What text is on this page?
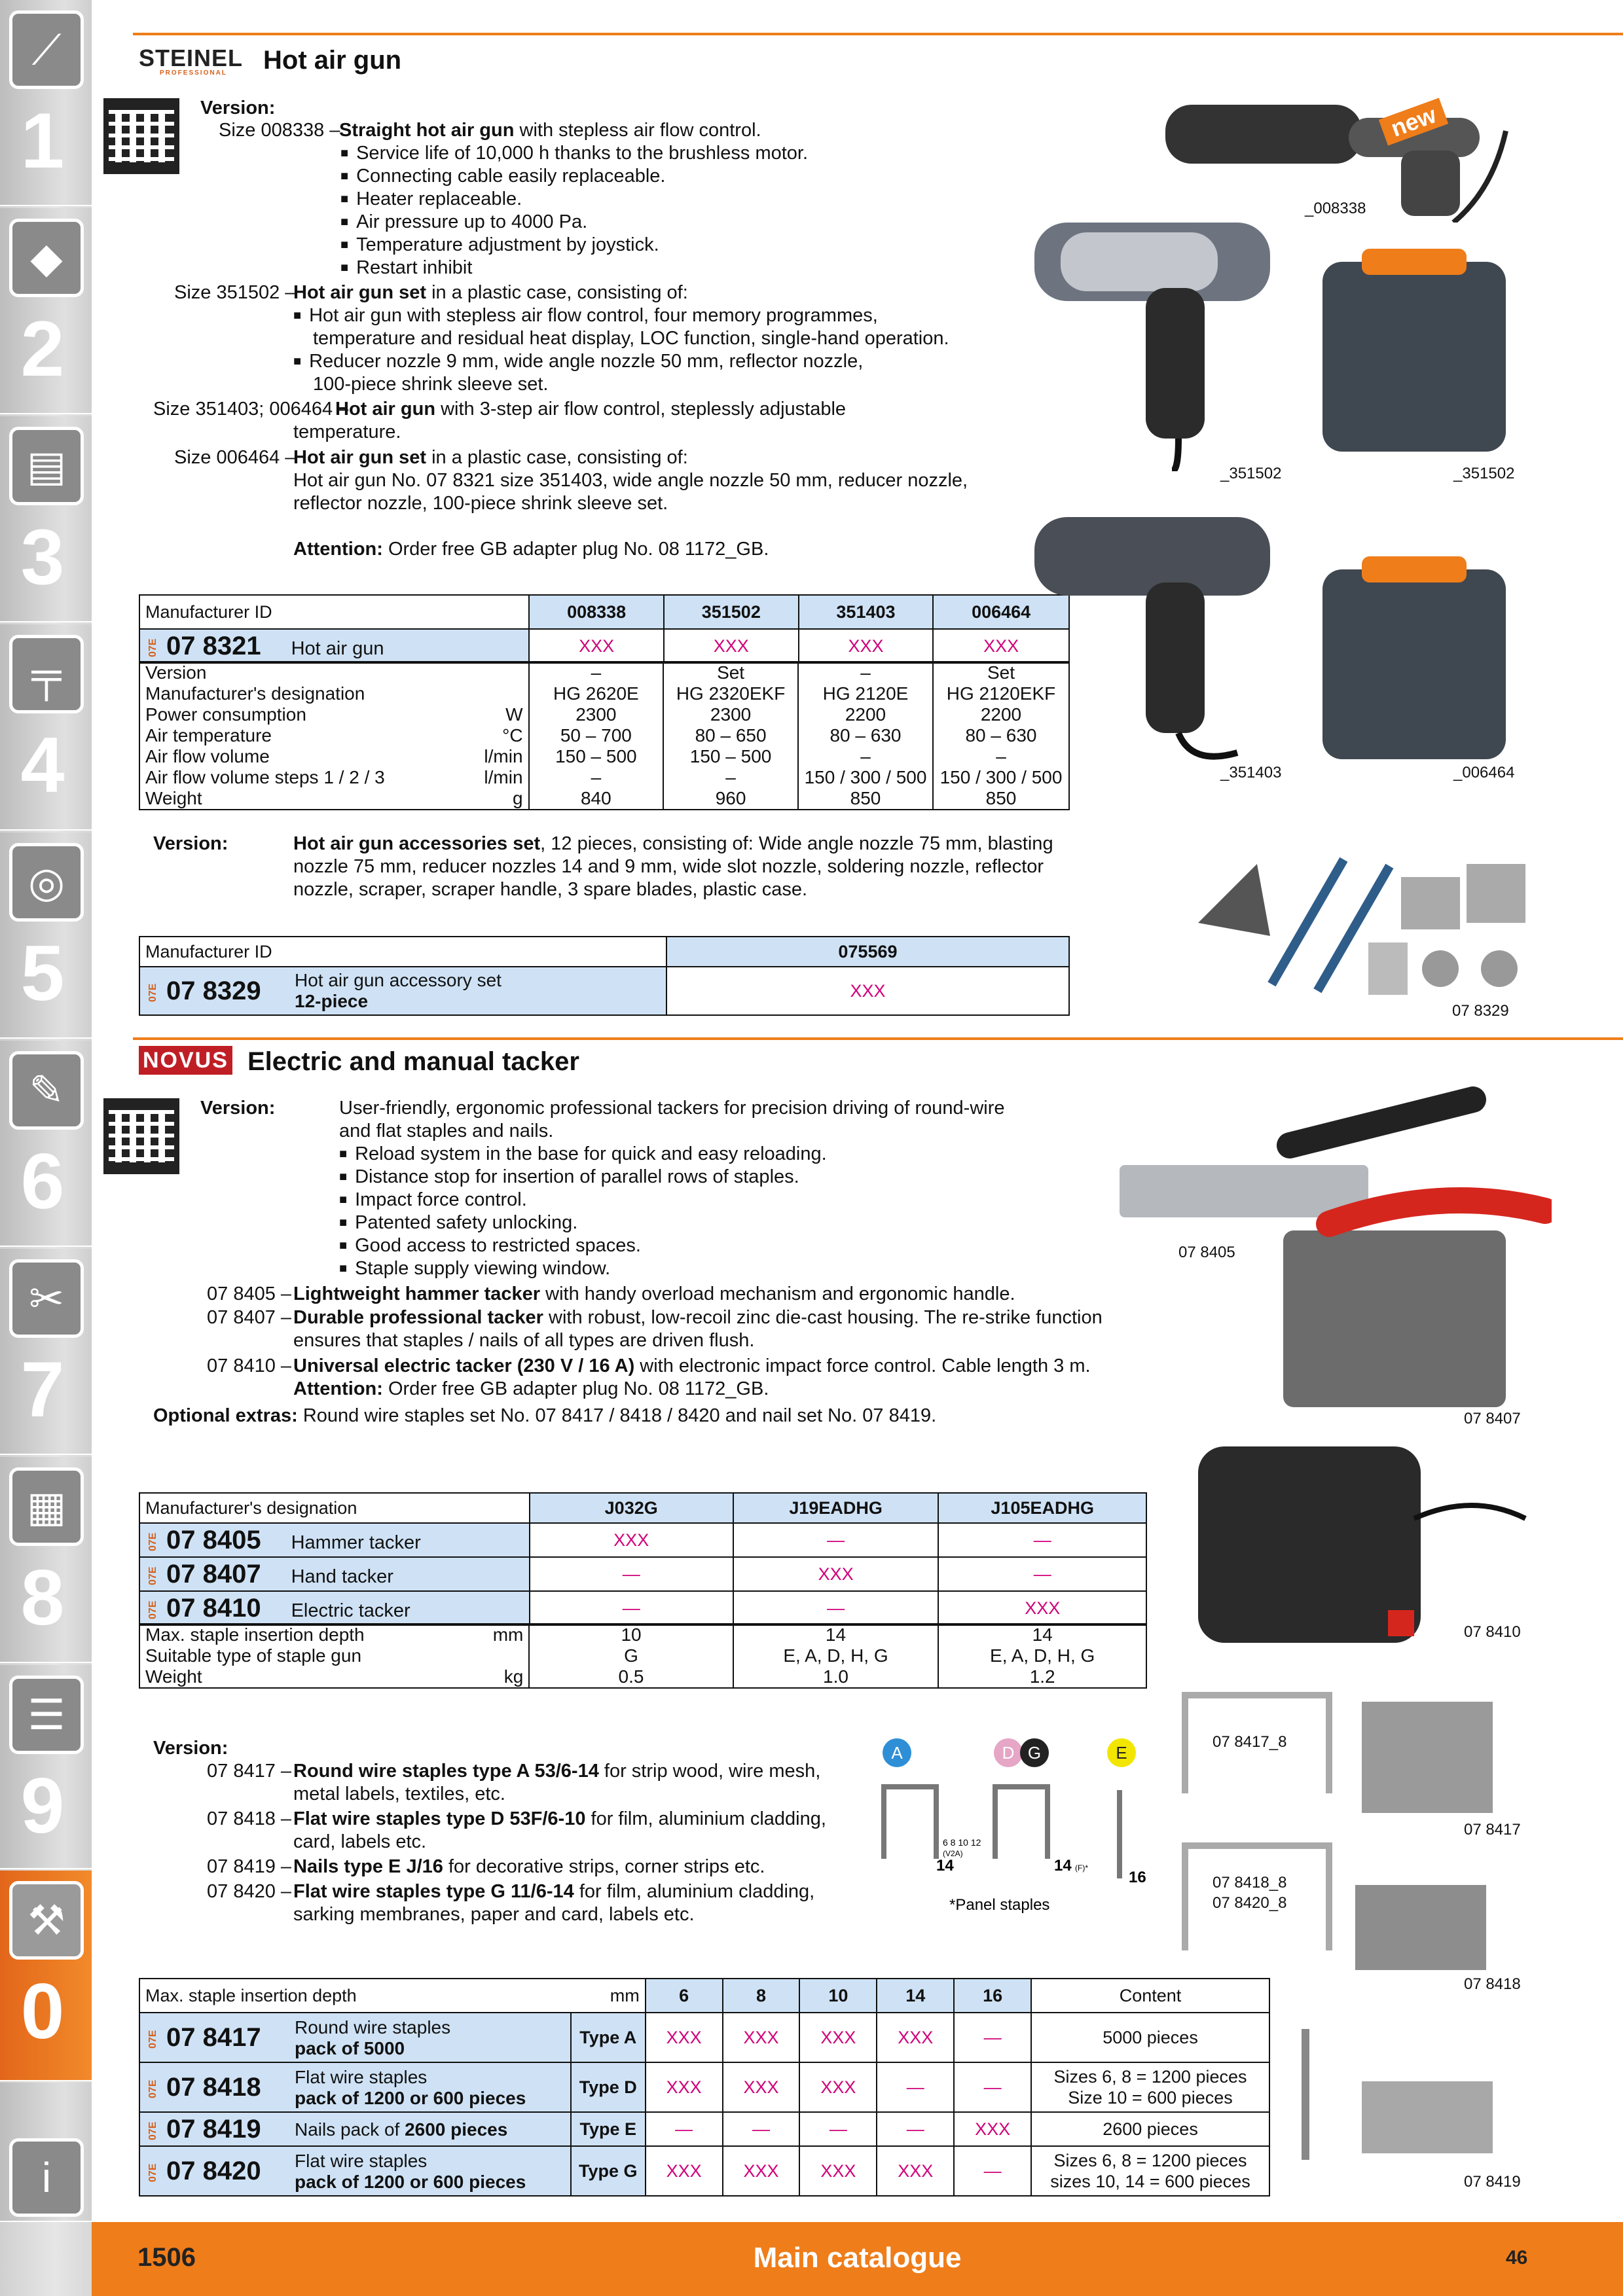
⟋
1
◆
2
▤
3
╤
4
◎
5
✎
6
✂
7
▦
8
☰
9
⚒
0
i
STEINEL
PROFESSIONAL Hot air gun
Version:
Size 008338 –
Straight hot air gun with stepless air flow control.
■ Service life of 10,000 h thanks to the brushless motor.
■ Connecting cable easily replaceable.
■ Heater replaceable.
■ Air pressure up to 4000 Pa.
■ Temperature adjustment by joystick.
■ Restart inhibit
Size 351502 –
Hot air gun set in a plastic case, consisting of:
■ Hot air gun with stepless air flow control, four memory programmes,
temperature and residual heat display, LOC function, single-hand operation.
■ Reducer nozzle 9 mm, wide angle nozzle 50 mm, reflector nozzle,
100-piece shrink sleeve set.
Size 351403; 006464 –
Hot air gun with 3-step air flow control, steplessly adjustable
temperature.
Size 006464 –
Hot air gun set in a plastic case, consisting of:
Hot air gun No. 07 8321 size 351403, wide angle nozzle 50 mm, reducer nozzle,
reflector nozzle, 100-piece shrink sleeve set.
Attention: Order free GB adapter plug No. 08 1172_GB.
Manufacturer ID	008338	351502	351403	006464
07E 07 8321 Hot air gun	XXX	XXX	XXX	XXX
Version	–	Set	–	Set
Manufacturer's designation	HG 2620E	HG 2320EKF	HG 2120E	HG 2120EKF
Power consumption W	2300	2300	2200	2200
Air temperature °C	50 – 700	80 – 650	80 – 630	80 – 630
Air flow volume l/min	150 – 500	150 – 500	–	–
Air flow volume steps 1 / 2 / 3 l/min	–	–	150 / 300 / 500	150 / 300 / 500
Weight g	840	960	850	850
Version:	Hot air gun accessories set, 12 pieces, consisting of: Wide angle nozzle 75 mm, blasting
nozzle 75 mm, reducer nozzles 14 and 9 mm, wide slot nozzle, soldering nozzle, reflector
nozzle, scraper, scraper handle, 3 spare blades, plastic case.
Manufacturer ID	075569
07E 07 8329 Hot air gun accessory set
12-piece	XXX
new
_008338
_351502	_351502
_351403	_006464
07 8329
NOVUS Electric and manual tacker
Version:	User-friendly, ergonomic professional tackers for precision driving of round-wire
and flat staples and nails.
■ Reload system in the base for quick and easy reloading.
■ Distance stop for insertion of parallel rows of staples.
■ Impact force control.
■ Patented safety unlocking.
■ Good access to restricted spaces.
■ Staple supply viewing window.
07 8405 – Lightweight hammer tacker with handy overload mechanism and ergonomic handle.
07 8407 – Durable professional tacker with robust, low-recoil zinc die-cast housing. The re-strike function
ensures that staples / nails of all types are driven flush.
07 8410 – Universal electric tacker (230 V / 16 A) with electronic impact force control. Cable length 3 m.
Attention: Order free GB adapter plug No. 08 1172_GB.
Optional extras: Round wire staples set No. 07 8417 / 8418 / 8420 and nail set No. 07 8419.
Manufacturer's designation	J032G	J19EADHG	J105EADHG
07E 07 8405 Hammer tacker	XXX	—	—
07E 07 8407 Hand tacker	—	XXX	—
07E 07 8410 Electric tacker	—	—	XXX
Max. staple insertion depth mm	10	14	14
Suitable type of staple gun	G	E, A, D, H, G	E, A, D, H, G
Weight kg	0.5	1.0	1.2
07 8405
07 8407
07 8410
Version:
07 8417 – Round wire staples type A 53/6-14 for strip wood, wire mesh,
metal labels, textiles, etc.
07 8418 – Flat wire staples type D 53F/6-10 for film, aluminium cladding,
card, labels etc.
07 8419 – Nails type E J/16 for decorative strips, corner strips etc.
07 8420 – Flat wire staples type G 11/6-14 for film, aluminium cladding,
sarking membranes, paper and card, labels etc.
A	D G	E
6 8 10 12
14	14
(V2A)
(F)*
16
*Panel staples
07 8417_8
07 8417
07 8418_8
07 8420_8
07 8418
07 8419
Max. staple insertion depth mm		6	8	10	14	16	Content
07E 07 8417 Round wire staples
pack of 5000	Type A	XXX	XXX	XXX	XXX	—	5000 pieces

07E 07 8418 Flat wire staples
pack of 1200 or 600 pieces	Type D	XXX	XXX	XXX	—	—	Sizes 6, 8 = 1200 pieces
Size 10 = 600 pieces
07E 07 8419 Nails pack of 2600 pieces	Type E	—	—	—	—	XXX	2600 pieces
07E 07 8420 Flat wire staples
pack of 1200 or 600 pieces	Type G	XXX	XXX	XXX	XXX	—	Sizes 6, 8 = 1200 pieces
sizes 10, 14 = 600 pieces
1506	Main catalogue	46
